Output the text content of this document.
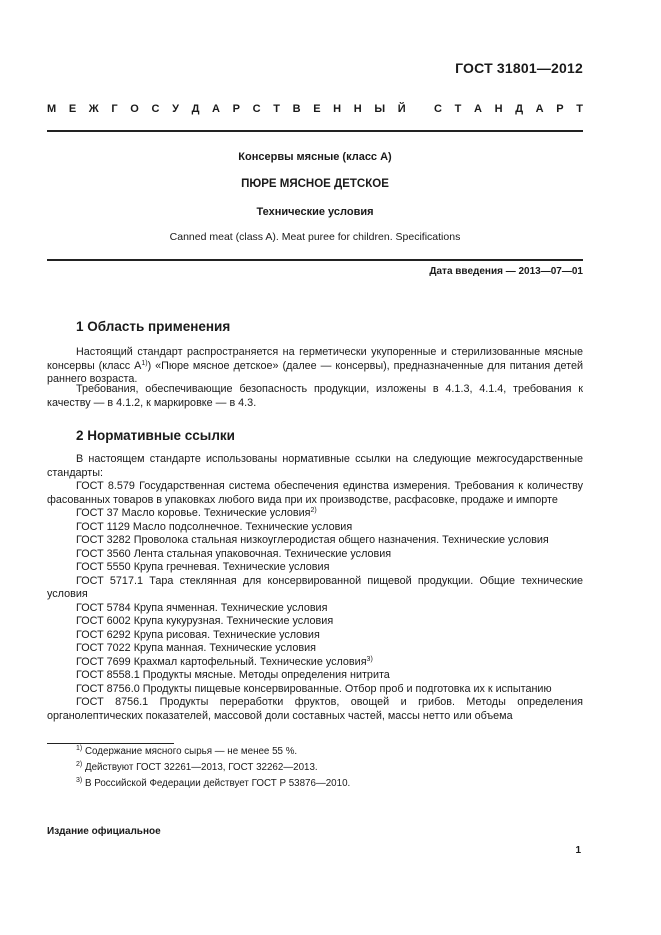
ГОСТ 31801—2012
М Е Ж Г О С У Д А Р С Т В Е Н Н Ы Й
	С Т А Н Д А Р Т
Консервы мясные (класс А)
ПЮРЕ МЯСНОЕ ДЕТСКОЕ
Технические условия
Canned meat (class A). Meat puree for children. Specifications
Дата введения — 2013—07—01
1 Область применения

Настоящий стандарт распространяется на герметически укупоренные и стерилизованные мясные консервы (класс $А^{1)}$) «Пюре мясное детское» (далее — консервы), предназначенные для питания детей раннего возраста.

Требования, обеспечивающие безопасность продукции, изложены в 4.1.3, 4.1.4, требования к качеству — в 4.1.2, к маркировке — в 4.3.

2 Нормативные ссылки

В настоящем стандарте использованы нормативные ссылки на следующие межгосударственные стандарты:

ГОСТ 8.579 Государственная система обеспечения единства измерения. Требования к количеству фасованных товаров в упаковках любого вида при их производстве, расфасовке, продаже и импорте
ГОСТ 37 Масло коровье. Технические условия$^{2)}$
ГОСТ 1129 Масло подсолнечное. Технические условия
ГОСТ 3282 Проволока стальная низкоуглеродистая общего назначения. Технические условия
ГОСТ 3560 Лента стальная упаковочная. Технические условия
ГОСТ 5550 Крупа гречневая. Технические условия
ГОСТ 5717.1 Тара стеклянная для консервированной пищевой продукции. Общие технические условия
ГОСТ 5784 Крупа ячменная. Технические условия
ГОСТ 6002 Крупа кукурузная. Технические условия
ГОСТ 6292 Крупа рисовая. Технические условия
ГОСТ 7022 Крупа манная. Технические условия
ГОСТ 7699 Крахмал картофельный. Технические условия$^{3)}$
ГОСТ 8558.1 Продукты мясные. Методы определения нитрита
ГОСТ 8756.0 Продукты пищевые консервированные. Отбор проб и подготовка их к испытанию
ГОСТ 8756.1 Продукты переработки фруктов, овощей и грибов. Методы определения органолептических показателей, массовой доли составных частей, массы нетто или объема
$^{1)}$ Содержание мясного сырья — не менее 55 %.
$^{2)}$ Действуют ГОСТ 32261—2013, ГОСТ 32262—2013.
$^{3)}$ В Российской Федерации действует ГОСТ Р 53876—2010.
Издание официальное
1
